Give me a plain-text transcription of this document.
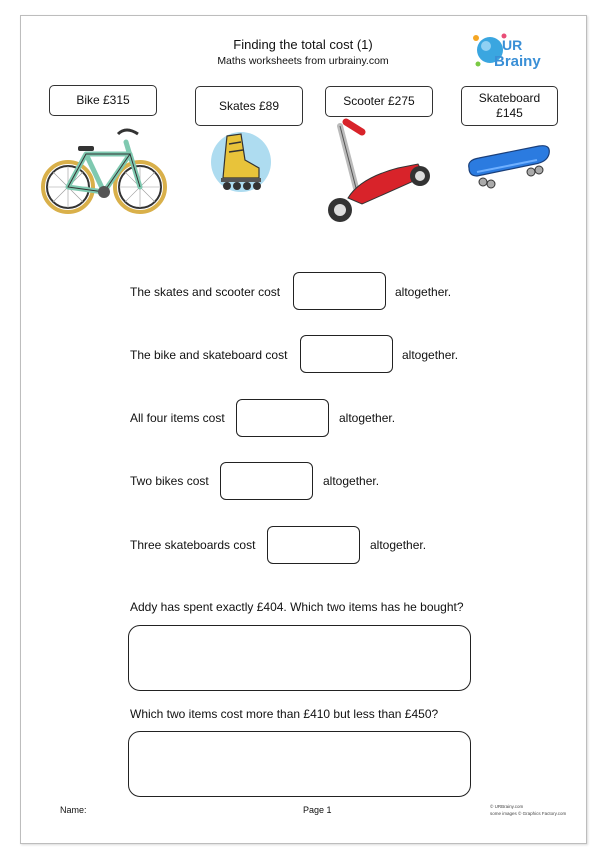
Finding the total cost (1)
Maths worksheets from urbrainy.com
UR
Brainy
Bike £315	Skates £89	Scooter £275	Skateboard
£145
The skates and scooter cost	altogether.
The bike and skateboard cost	altogether.
All four items cost	altogether.
Two bikes cost	altogether.
Three skateboards cost	altogether.
Addy has spent exactly £404. Which two items has he bought?
Which two items cost more than £410 but less than £450?
Name:	Page 1	© URBrainy.com
some images © Graphics Factory.com
